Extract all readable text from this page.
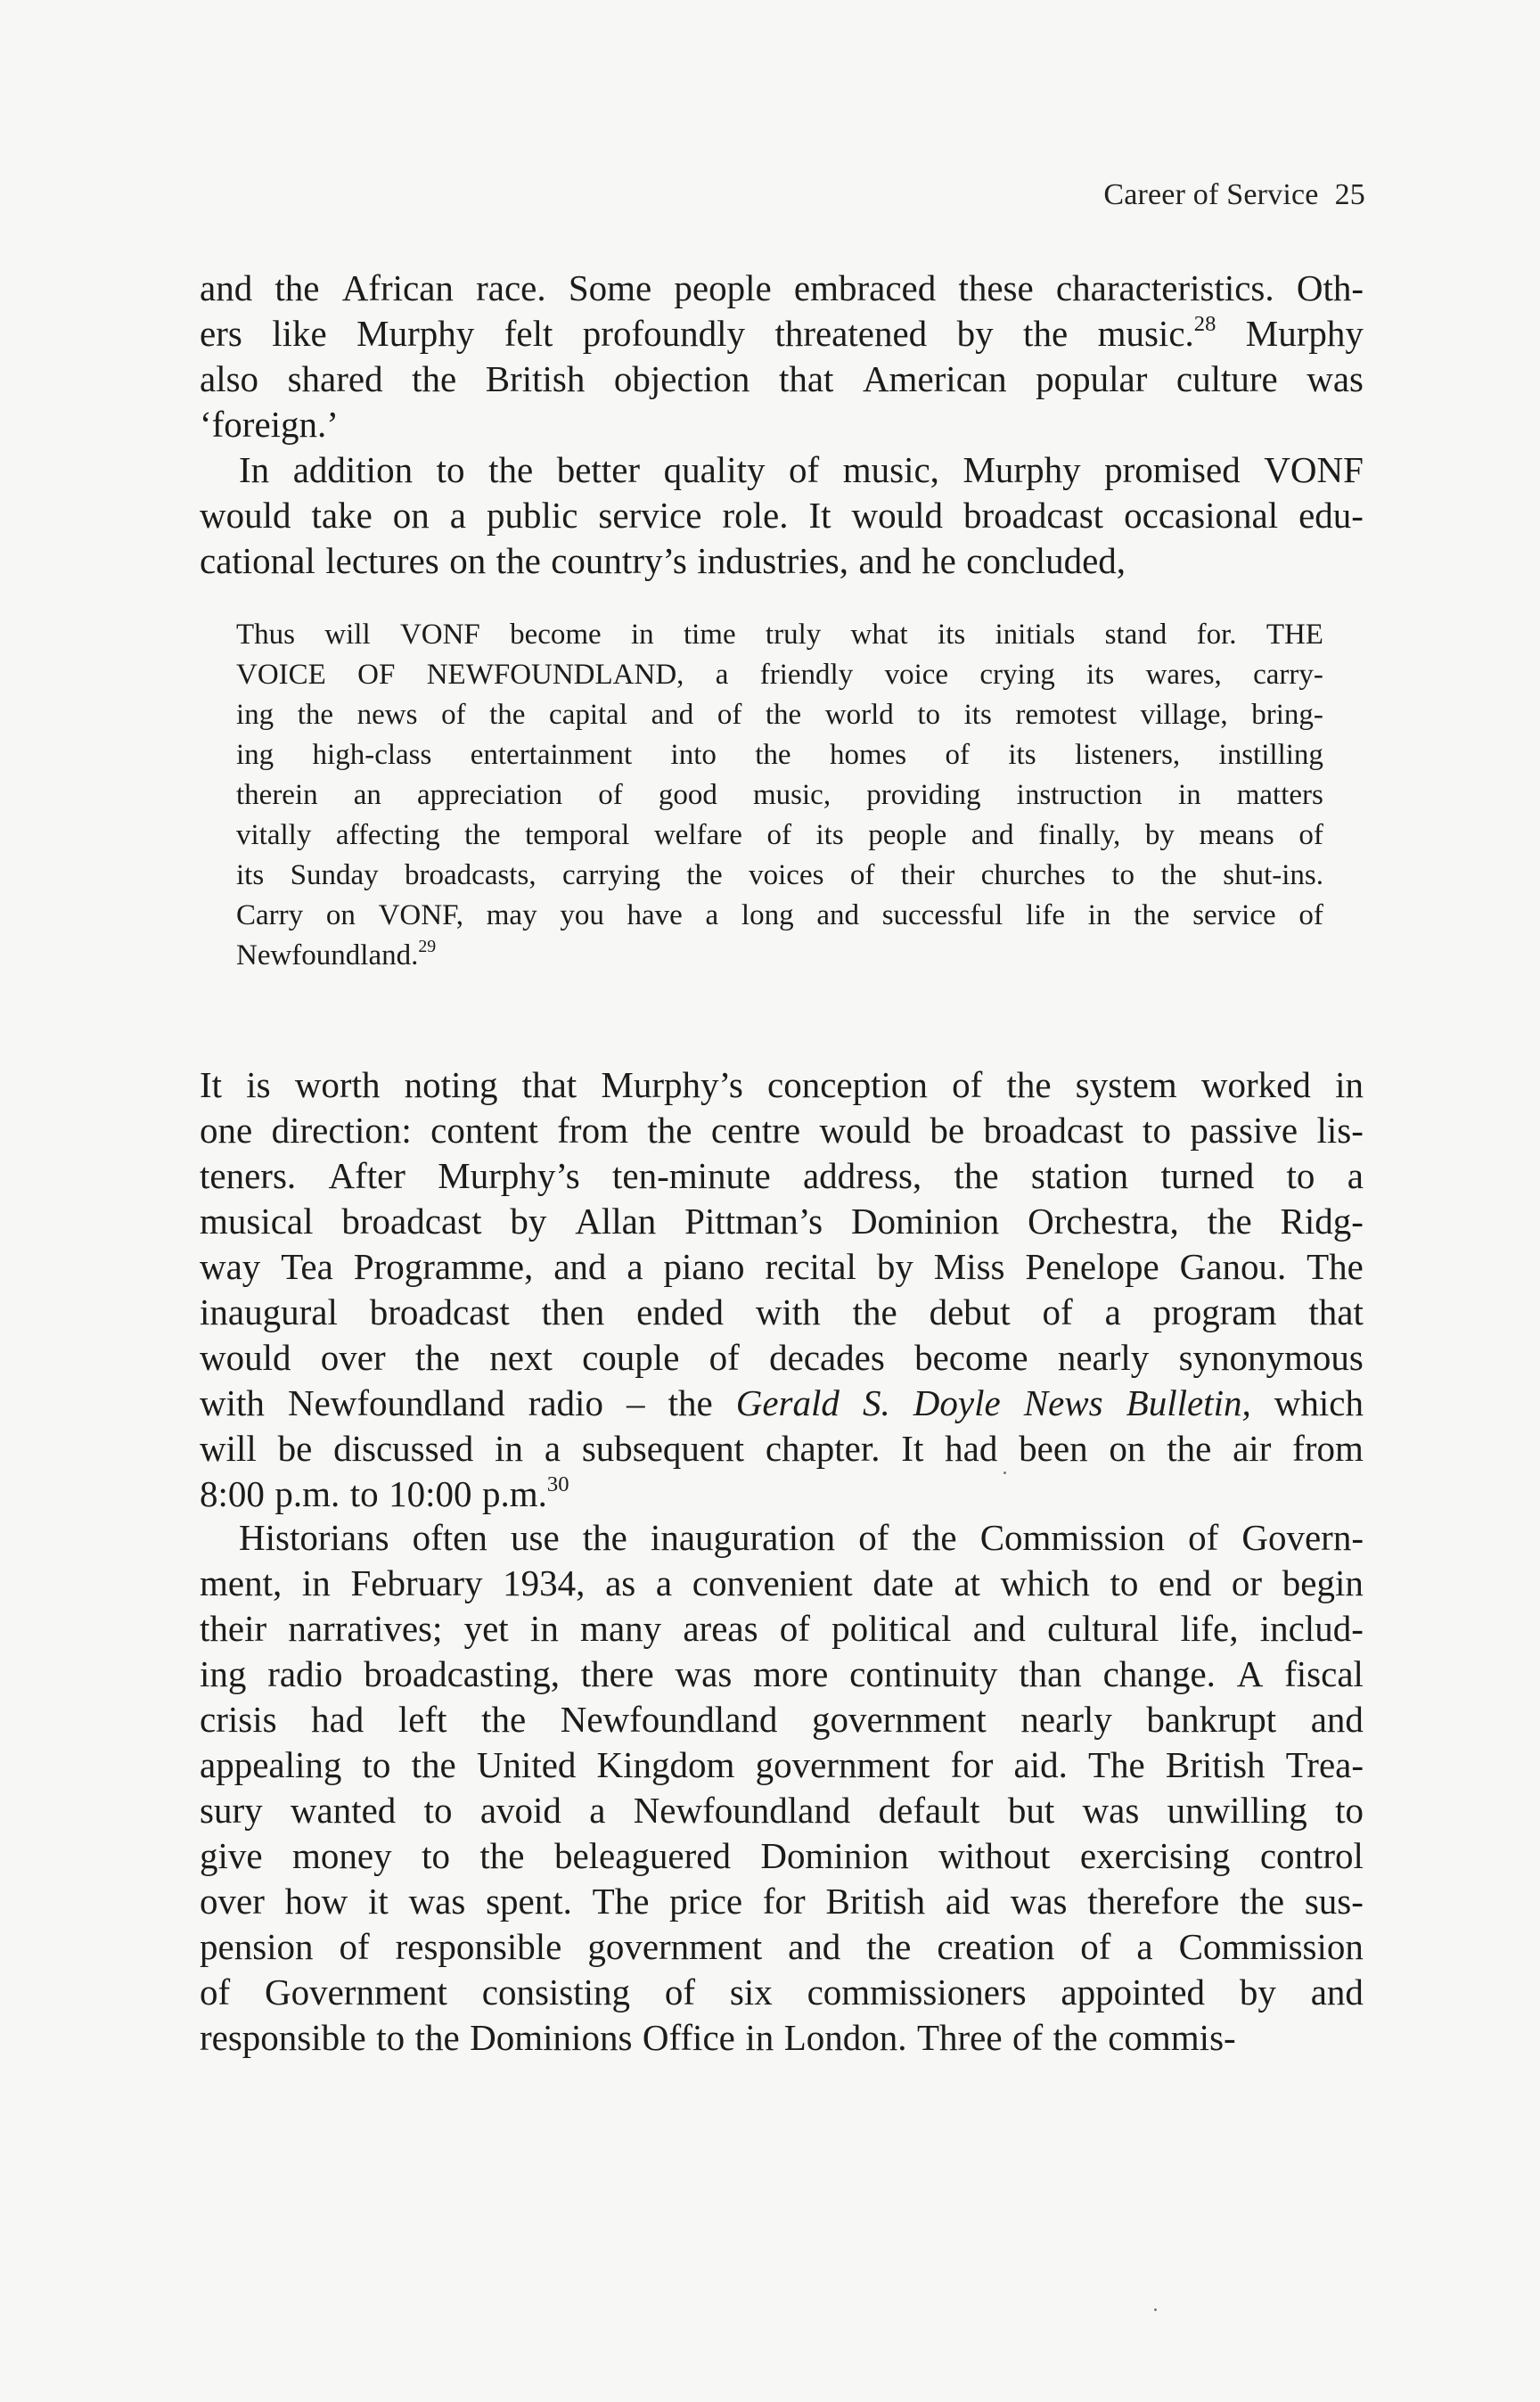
Career of Service 25
and the African race. Some people embraced these characteristics. Oth-
ers like Murphy felt profoundly threatened by the music.$^{28}$ Murphy
also shared the British objection that American popular culture was
‘foreign.’
In addition to the better quality of music, Murphy promised VONF
would take on a public service role. It would broadcast occasional edu-
cational lectures on the country’s industries, and he concluded,
Thus will VONF become in time truly what its initials stand for. THE
VOICE OF NEWFOUNDLAND, a friendly voice crying its wares, carry-
ing the news of the capital and of the world to its remotest village, bring-
ing high-class entertainment into the homes of its listeners, instilling
therein an appreciation of good music, providing instruction in matters
vitally affecting the temporal welfare of its people and finally, by means of
its Sunday broadcasts, carrying the voices of their churches to the shut-ins.
Carry on VONF, may you have a long and successful life in the service of
Newfoundland.$^{29}$
It is worth noting that Murphy’s conception of the system worked in
one direction: content from the centre would be broadcast to passive lis-
teners. After Murphy’s ten-minute address, the station turned to a
musical broadcast by Allan Pittman’s Dominion Orchestra, the Ridg-
way Tea Programme, and a piano recital by Miss Penelope Ganou. The
inaugural broadcast then ended with the debut of a program that
would over the next couple of decades become nearly synonymous
with Newfoundland radio – the Gerald S. Doyle News Bulletin, which
will be discussed in a subsequent chapter. It had been on the air from
8:00 p.m. to 10:00 p.m.$^{30}$
Historians often use the inauguration of the Commission of Govern-
ment, in February 1934, as a convenient date at which to end or begin
their narratives; yet in many areas of political and cultural life, includ-
ing radio broadcasting, there was more continuity than change. A fiscal
crisis had left the Newfoundland government nearly bankrupt and
appealing to the United Kingdom government for aid. The British Trea-
sury wanted to avoid a Newfoundland default but was unwilling to
give money to the beleaguered Dominion without exercising control
over how it was spent. The price for British aid was therefore the sus-
pension of responsible government and the creation of a Commission
of Government consisting of six commissioners appointed by and
responsible to the Dominions Office in London. Three of the commis-
